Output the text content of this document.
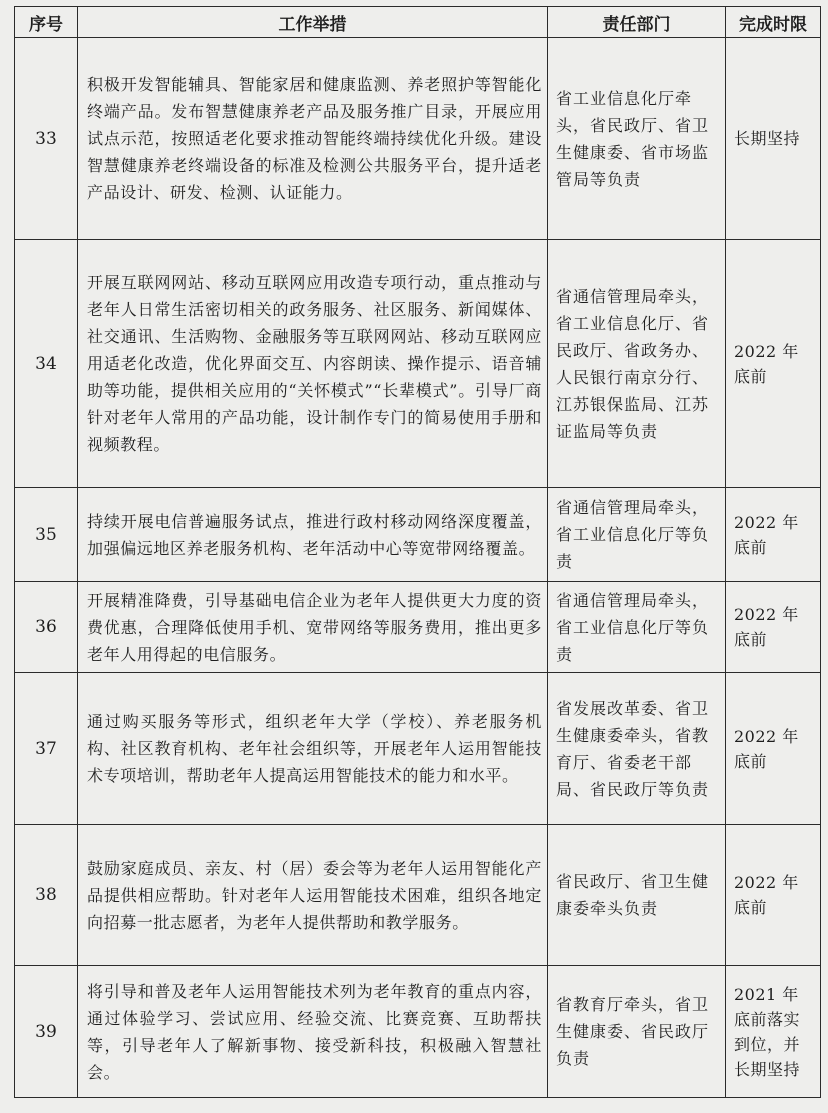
序号	工作举措	责任部门	完成时限
33	积极开发智能辅具、智能家居和健康监测、养老照护等智能化终端产品。发布智慧健康养老产品及服务推广目录，开展应用试点示范，按照适老化要求推动智能终端持续优化升级。建设智慧健康养老终端设备的标准及检测公共服务平台，提升适老产品设计、研发、检测、认证能力。	省工业信息化厅牵头，省民政厅、省卫生健康委、省市场监管局等负责	长期坚持
34	开展互联网网站、移动互联网应用改造专项行动，重点推动与老年人日常生活密切相关的政务服务、社区服务、新闻媒体、社交通讯、生活购物、金融服务等互联网网站、移动互联网应用适老化改造，优化界面交互、内容朗读、操作提示、语音辅助等功能，提供相关应用的“关怀模式”“长辈模式”。引导厂商针对老年人常用的产品功能，设计制作专门的简易使用手册和视频教程。	省通信管理局牵头，省工业信息化厅、省民政厅、省政务办、人民银行南京分行、江苏银保监局、江苏证监局等负责	2022 年底前
35	持续开展电信普遍服务试点，推进行政村移动网络深度覆盖，加强偏远地区养老服务机构、老年活动中心等宽带网络覆盖。	省通信管理局牵头，省工业信息化厅等负责	2022 年底前
36	开展精准降费，引导基础电信企业为老年人提供更大力度的资费优惠，合理降低使用手机、宽带网络等服务费用，推出更多老年人用得起的电信服务。	省通信管理局牵头，省工业信息化厅等负责	2022 年底前
37	通过购买服务等形式，组织老年大学（学校）、养老服务机构、社区教育机构、老年社会组织等，开展老年人运用智能技术专项培训，帮助老年人提高运用智能技术的能力和水平。	省发展改革委、省卫生健康委牵头，省教育厅、省委老干部局、省民政厅等负责	2022 年底前
38	鼓励家庭成员、亲友、村（居）委会等为老年人运用智能化产品提供相应帮助。针对老年人运用智能技术困难，组织各地定向招募一批志愿者，为老年人提供帮助和教学服务。	省民政厅、省卫生健康委牵头负责	2022 年底前
39	将引导和普及老年人运用智能技术列为老年教育的重点内容，通过体验学习、尝试应用、经验交流、比赛竞赛、互助帮扶等，引导老年人了解新事物、接受新科技，积极融入智慧社会。	省教育厅牵头，省卫生健康委、省民政厅负责	2021 年底前落实到位，并长期坚持
